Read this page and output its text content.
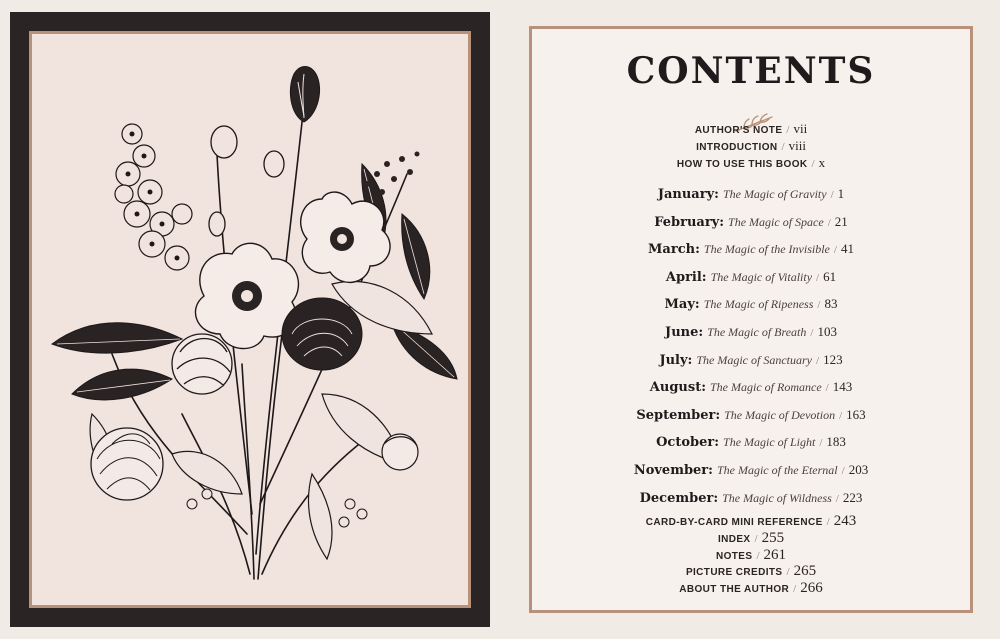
CONTENTS
AUTHOR'S NOTE / vii
INTRODUCTION / viii
HOW TO USE THIS BOOK / x
January: The Magic of Gravity / 1
February: The Magic of Space / 21
March: The Magic of the Invisible / 41
April: The Magic of Vitality / 61
May: The Magic of Ripeness / 83
June: The Magic of Breath / 103
July: The Magic of Sanctuary / 123
August: The Magic of Romance / 143
September: The Magic of Devotion / 163
October: The Magic of Light / 183
November: The Magic of the Eternal / 203
December: The Magic of Wildness / 223
CARD-BY-CARD MINI REFERENCE / 243
INDEX / 255
NOTES / 261
PICTURE CREDITS / 265
ABOUT THE AUTHOR / 266
